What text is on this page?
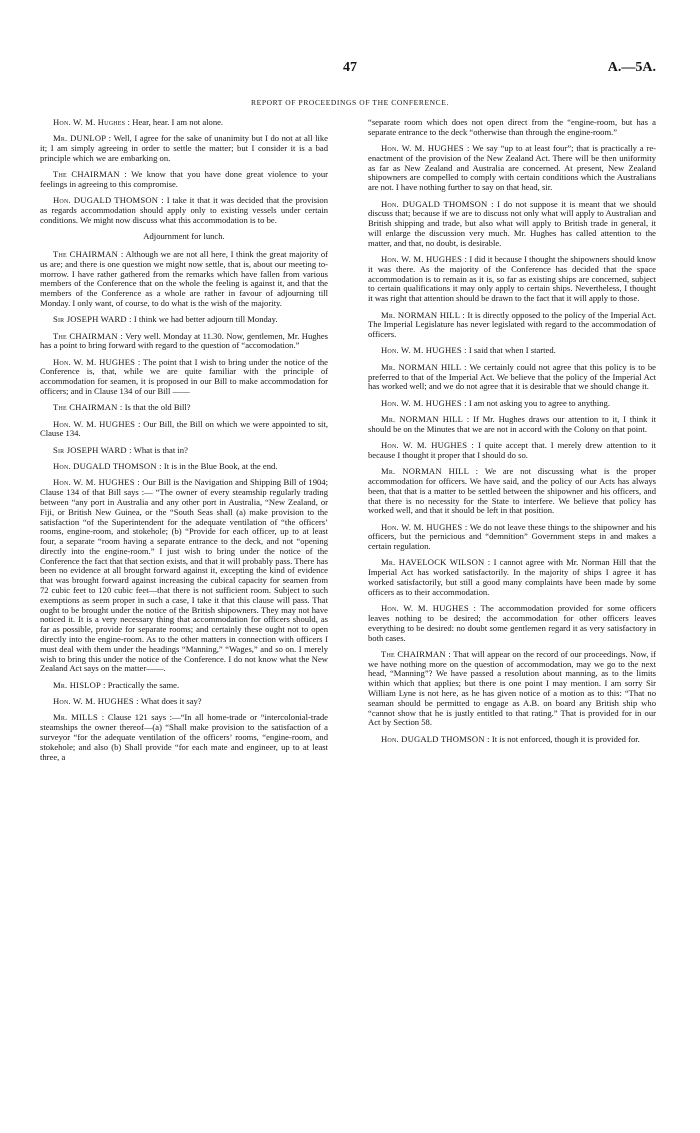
47	A.—5A.
REPORT OF PROCEEDINGS OF THE CONFERENCE.

Hon. W. M. Hughes : Hear, hear. I am not alone.

Mr. DUNLOP : Well, I agree for the sake of unanimity but I do not at all like it; I am simply agreeing in order to settle the matter; but I consider it is a bad principle which we are embarking on.

The CHAIRMAN : We know that you have done great violence to your feelings in agreeing to this compromise.

Hon. DUGALD THOMSON : I take it that it was decided that the provision as regards accommodation should apply only to existing vessels under certain conditions. We might now discuss what this accommodation is to be.

Adjournment for lunch.

The CHAIRMAN : Although we are not all here, I think the great majority of us are; and there is one question we might now settle, that is, about our meeting to-morrow. I have rather gathered from the remarks which have fallen from various members of the Conference that on the whole the feeling is against it, and that the members of the Conference as a whole are rather in favour of adjourning till Monday. I only want, of course, to do what is the wish of the majority.

Sir JOSEPH WARD : I think we had better adjourn till Monday.

The CHAIRMAN : Very well. Monday at 11.30. Now, gentlemen, Mr. Hughes has a point to bring forward with regard to the question of “accomodation.”

Hon. W. M. HUGHES : The point that I wish to bring under the notice of the Conference is, that, while we are quite familiar with the principle of accommodation for seamen, it is proposed in our Bill to make accommodation for officers; and in Clause 134 of our Bill ——

The CHAIRMAN : Is that the old Bill?

Hon. W. M. HUGHES : Our Bill, the Bill on which we were appointed to sit, Clause 134.

Sir JOSEPH WARD : What is that in?

Hon. DUGALD THOMSON : It is in the Blue Book, at the end.

Hon. W. M. HUGHES : Our Bill is the Navigation and Shipping Bill of 1904; Clause 134 of that Bill says :— “The owner of every steamship regularly trading between “any port in Australia and any other port in Australia, “New Zealand, or Fiji, or British New Guinea, or the “South Seas shall (a) make provision to the satisfaction “of the Superintendent for the adequate ventilation of “the officers’ rooms, engine-room, and stokehole; (b) “Provide for each officer, up to at least four, a separate “room having a separate entrance to the deck, and not “opening directly into the engine-room.” I just wish to bring under the notice of the Conference the fact that that section exists, and that it will probably pass. There has been no evidence at all brought forward against it, excepting the kind of evidence that was brought forward against increasing the cubical capacity for seamen from 72 cubic feet to 120 cubic feet—that there is not sufficient room. Subject to such exemptions as seem proper in such a case, I take it that this clause will pass. That ought to be brought under the notice of the British shipowners. They may not have noticed it. It is a very necessary thing that accommodation for officers should, as far as possible, provide for separate rooms; and certainly these ought not to open directly into the engine-room. As to the other matters in connection with officers I must deal with them under the headings “Manning,” “Wages,” and so on. I merely wish to bring this under the notice of the Conference. I do not know what the New Zealand Act says on the matter——.

Mr. HISLOP : Practically the same.

Hon. W. M. HUGHES : What does it say?

Mr. MILLS : Clause 121 says :—“In all home-trade or “intercolonial-trade steamships the owner thereof—(a) “Shall make provision to the satisfaction of a surveyor “for the adequate ventilation of the officers’ rooms, “engine-room, and stokehole; and also (b) Shall provide “for each mate and engineer, up to at least three, a

“separate room which does not open direct from the “engine-room, but has a separate entrance to the deck “otherwise than through the engine-room.”

Hon. W. M. HUGHES : We say “up to at least four”; that is practically a re-enactment of the provision of the New Zealand Act. There will be then uniformity as far as New Zealand and Australia are concerned. At present, New Zealand shipowners are compelled to comply with certain conditions which the Australians are not. I have nothing further to say on that head, sir.

Hon. DUGALD THOMSON : I do not suppose it is meant that we should discuss that; because if we are to discuss not only what will apply to Australian and British shipping and trade, but also what will apply to British trade in general, it will enlarge the discussion very much. Mr. Hughes has called attention to the matter, and that, no doubt, is desirable.

Hon. W. M. HUGHES : I did it because I thought the shipowners should know it was there. As the majority of the Conference has decided that the space accommodation is to remain as it is, so far as existing ships are concerned, subject to certain qualifications it may only apply to certain ships. Nevertheless, I thought it was right that attention should be drawn to the fact that it will apply to those.

Mr. NORMAN HILL : It is directly opposed to the policy of the Imperial Act. The Imperial Legislature has never legislated with regard to the accommodation of officers.

Hon. W. M. HUGHES : I said that when I started.

Mr. NORMAN HILL : We certainly could not agree that this policy is to be preferred to that of the Imperial Act. We believe that the policy of the Imperial Act has worked well; and we do not agree that it is desirable that we should change it.

Hon. W. M. HUGHES : I am not asking you to agree to anything.

Mr. NORMAN HILL : If Mr. Hughes draws our attention to it, I think it should be on the Minutes that we are not in accord with the Colony on that point.

Hon. W. M. HUGHES : I quite accept that. I merely drew attention to it because I thought it proper that I should do so.

Mr. NORMAN HILL : We are not discussing what is the proper accommodation for officers. We have said, and the policy of our Acts has always been, that that is a matter to be settled between the shipowner and his officers, and that there is no necessity for the State to interfere. We believe that policy has worked well, and that it should be left in that position.

Hon. W. M. HUGHES : We do not leave these things to the shipowner and his officers, but the pernicious and “demnition” Government steps in and makes a certain regulation.

Mr. HAVELOCK WILSON : I cannot agree with Mr. Norman Hill that the Imperial Act has worked satisfactorily. In the majority of ships I agree it has worked satisfactorily, but still a good many complaints have been made by some officers as to their accommodation.

Hon. W. M. HUGHES : The accommodation provided for some officers leaves nothing to be desired; the accommodation for other officers leaves everything to be desired: no doubt some gentlemen regard it as very satisfactory in both cases.

The CHAIRMAN : That will appear on the record of our proceedings. Now, if we have nothing more on the question of accommodation, may we go to the next head, “Manning”? We have passed a resolution about manning, as to the limits within which that applies; but there is one point I may mention. I am sorry Sir William Lyne is not here, as he has given notice of a motion as to this: “That no seaman should be permitted to engage as A.B. on board any British ship who “cannot show that he is justly entitled to that rating.” That is provided for in our Act by Section 58.

Hon. DUGALD THOMSON : It is not enforced, though it is provided for.
